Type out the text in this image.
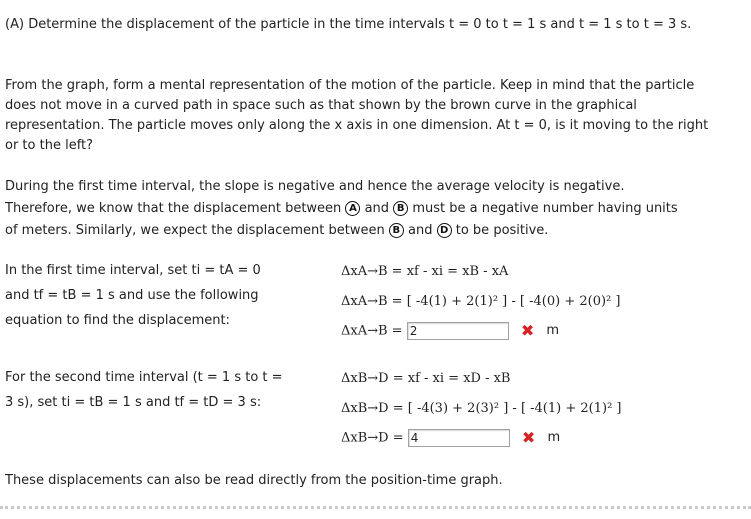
(A) Determine the displacement of the particle in the time intervals t = 0 to t = 1 s and t = 1 s to t = 3 s.
From the graph, form a mental representation of the motion of the particle. Keep in mind that the particle does not move in a curved path in space such as that shown by the brown curve in the graphical representation. The particle moves only along the x axis in one dimension. At t = 0, is it moving to the right or to the left?
During the first time interval, the slope is negative and hence the average velocity is negative.
Therefore, we know that the displacement between A and B must be a negative number having units
of meters. Similarly, we expect the displacement between B and D to be positive.
In the first time interval, set ti = tA = 0 and tf = tB = 1 s and use the following equation to find the displacement:
ΔxA→B = xf - xi = xB - xA
ΔxA→B = [ -4(1) + 2(1)² ] - [ -4(0) + 2(0)² ]
ΔxA→B = 2	✖ m
For the second time interval (t = 1 s to t = 3 s), set ti = tB = 1 s and tf = tD = 3 s:
ΔxB→D = xf - xi = xD - xB
ΔxB→D = [ -4(3) + 2(3)² ] - [ -4(1) + 2(1)² ]
ΔxB→D = 4	✖ m
These displacements can also be read directly from the position-time graph.
